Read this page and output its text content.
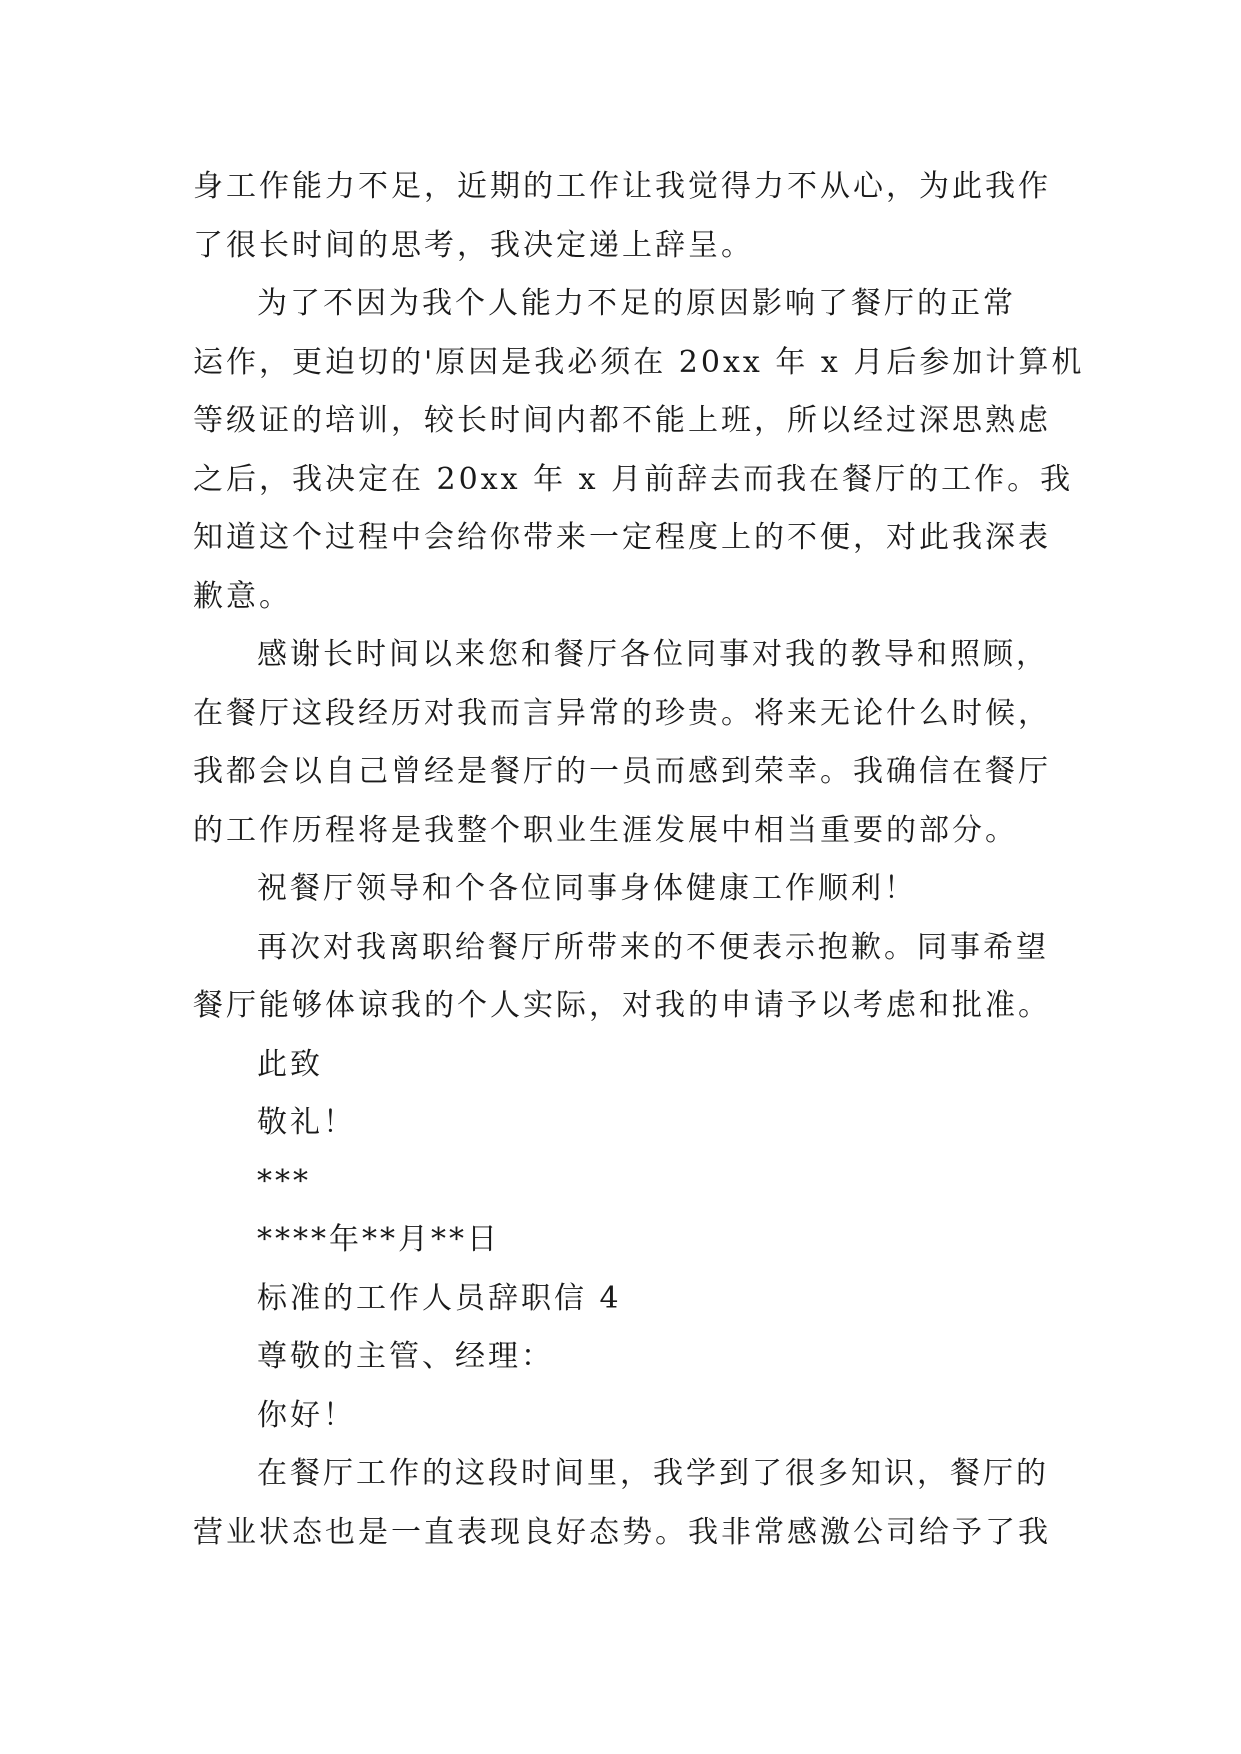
身工作能力不足，近期的工作让我觉得力不从心，为此我作
了很长时间的思考，我决定递上辞呈。
为了不因为我个人能力不足的原因影响了餐厅的正常
运作，更迫切的'原因是我必须在 20xx 年 x 月后参加计算机
等级证的培训，较长时间内都不能上班，所以经过深思熟虑
之后，我决定在 20xx 年 x 月前辞去而我在餐厅的工作。我
知道这个过程中会给你带来一定程度上的不便，对此我深表
歉意。
感谢长时间以来您和餐厅各位同事对我的教导和照顾，
在餐厅这段经历对我而言异常的珍贵。将来无论什么时候，
我都会以自己曾经是餐厅的一员而感到荣幸。我确信在餐厅
的工作历程将是我整个职业生涯发展中相当重要的部分。
祝餐厅领导和个各位同事身体健康工作顺利！
再次对我离职给餐厅所带来的不便表示抱歉。同事希望
餐厅能够体谅我的个人实际，对我的申请予以考虑和批准。
此致
敬礼！
***
****年**月**日
标准的工作人员辞职信 4
尊敬的主管、经理：
你好！
在餐厅工作的这段时间里，我学到了很多知识，餐厅的
营业状态也是一直表现良好态势。我非常感激公司给予了我
